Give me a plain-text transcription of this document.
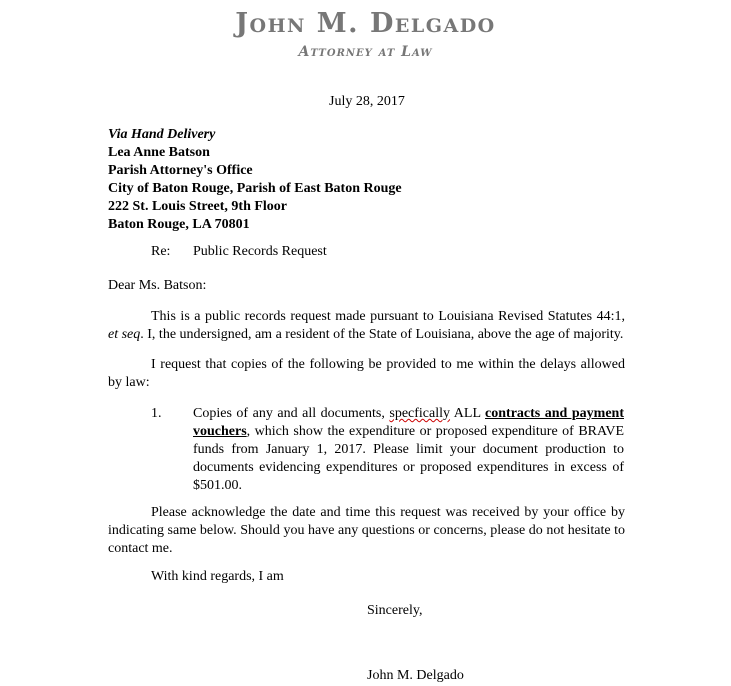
John M. Delgado
Attorney at Law
July 28, 2017
Via Hand Delivery
Lea Anne Batson
Parish Attorney's Office
City of Baton Rouge, Parish of East Baton Rouge
222 St. Louis Street, 9th Floor
Baton Rouge, LA 70801
Re: Public Records Request
Dear Ms. Batson:
This is a public records request made pursuant to Louisiana Revised Statutes 44:1, et seq. I, the undersigned, am a resident of the State of Louisiana, above the age of majority.
I request that copies of the following be provided to me within the delays allowed by law:
1. Copies of any and all documents, specfically ALL contracts and payment vouchers, which show the expenditure or proposed expenditure of BRAVE funds from January 1, 2017. Please limit your document production to documents evidencing expenditures or proposed expenditures in excess of $501.00.
Please acknowledge the date and time this request was received by your office by indicating same below. Should you have any questions or concerns, please do not hesitate to contact me.
With kind regards, I am
Sincerely,
John M. Delgado
